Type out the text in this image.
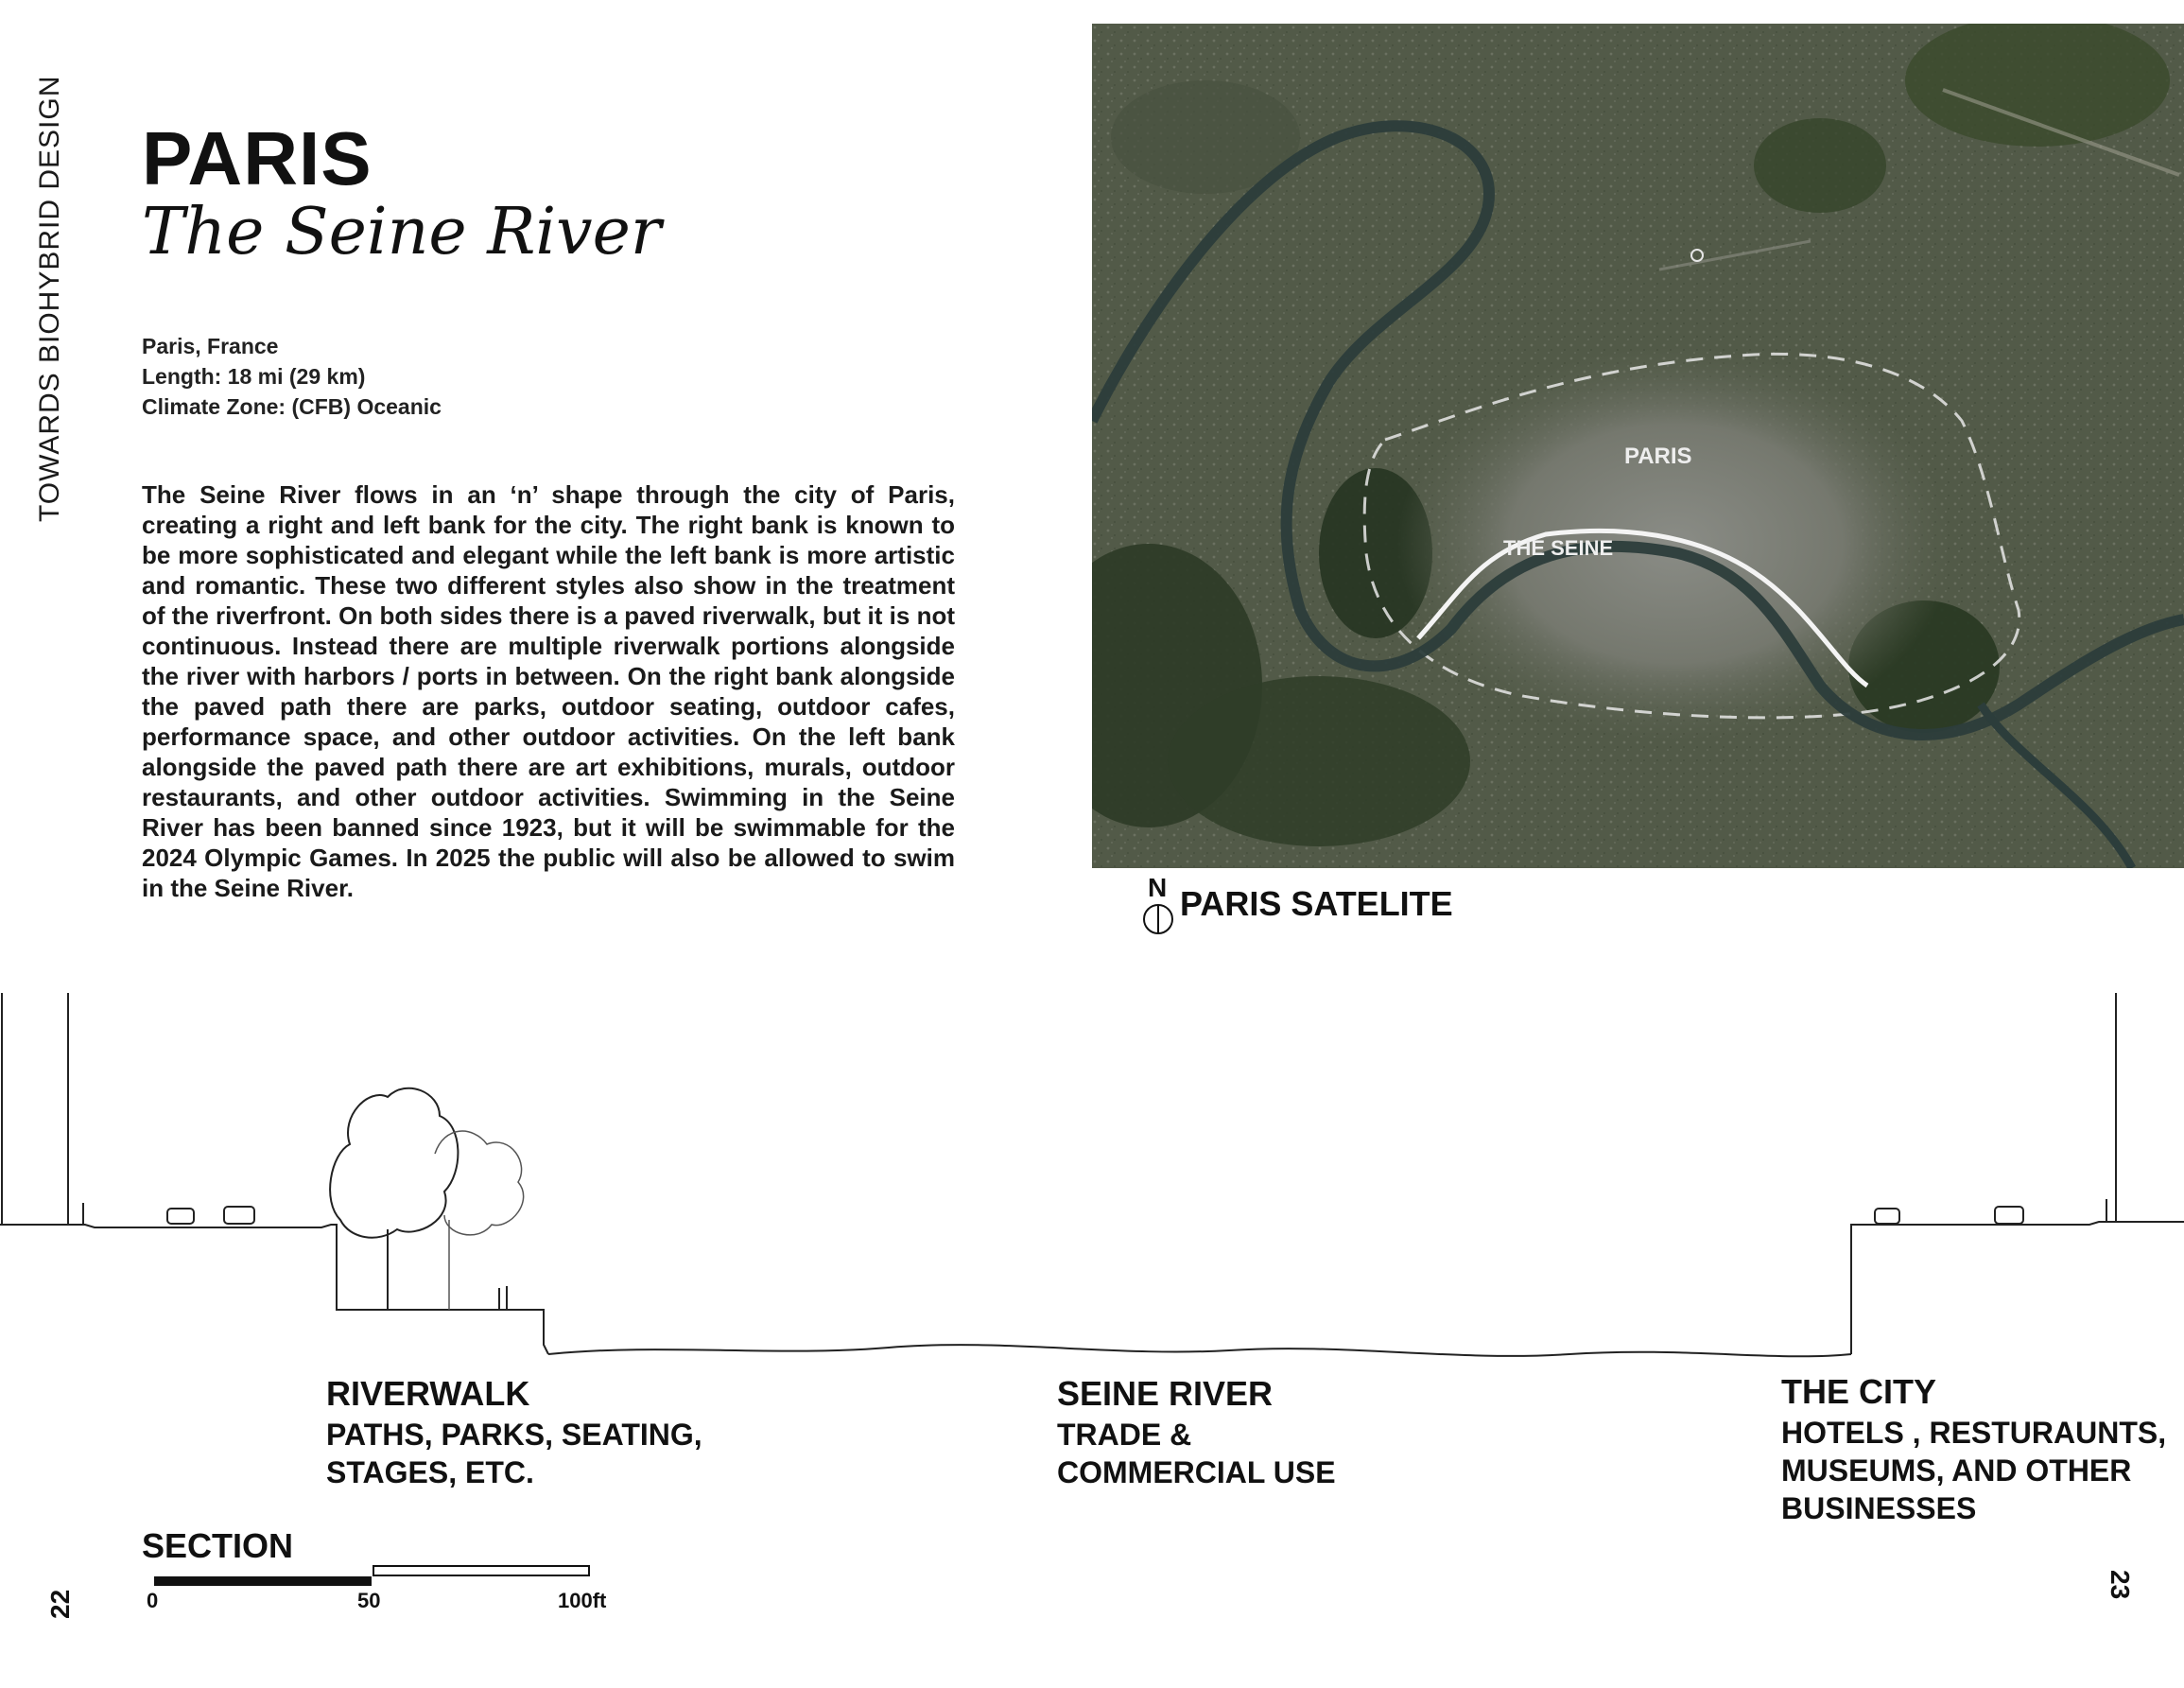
TOWARDS BIOHYBRID DESIGN PARIS
The Seine River
Paris, France
Length: 18 mi (29 km)
Climate Zone: (CFB) Oceanic
The Seine River flows in an ‘n’ shape through the city of Paris, creating a right and left bank for the city. The right bank is known to be more sophisticated and elegant while the left bank is more artistic and romantic. These two different styles also show in the treatment of the riverfront. On both sides there is a paved riverwalk, but it is not continuous. Instead there are multiple riverwalk portions alongside the river with harbors / ports in between. On the right bank alongside the paved path there are parks, outdoor seating, outdoor cafes, performance space, and other outdoor activities. On the left bank alongside the paved path there are art exhibitions, murals, outdoor restaurants, and other outdoor activities. Swimming in the Seine River has been banned since 1923, but it will be swimmable for the 2024 Olympic Games. In 2025 the public will also be allowed to swim in the Seine River.
PARIS
THE SEINE
N PARIS SATELITE
RIVERWALK
PATHS, PARKS, SEATING,
STAGES, ETC.
SEINE RIVER
TRADE &
COMMERCIAL USE
THE CITY
HOTELS , RESTURAUNTS,
MUSEUMS, AND OTHER
BUSINESSES
SECTION
0	50	100ft
22
23
